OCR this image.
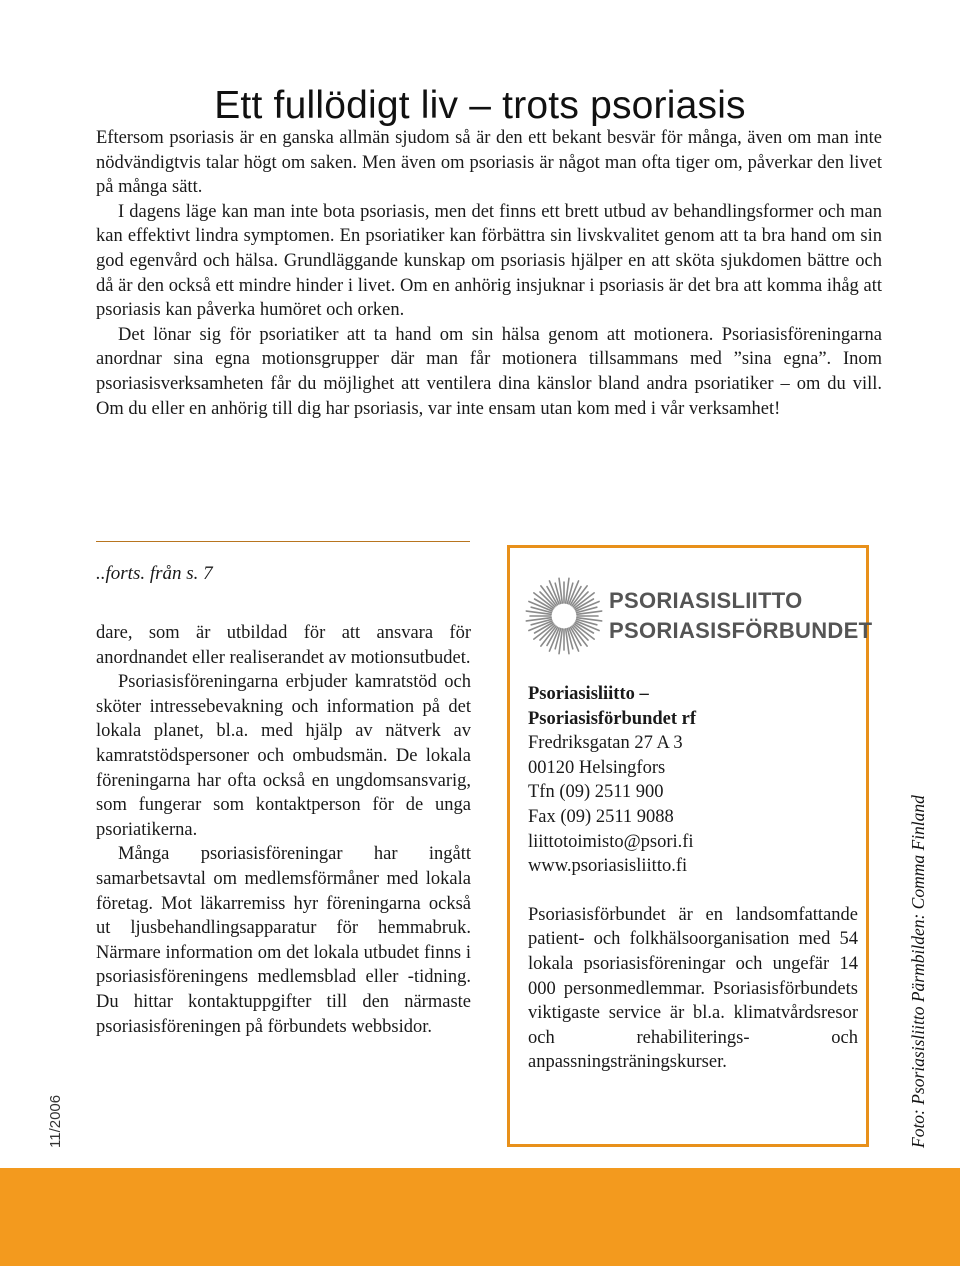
Ett fullödigt liv – trots psoriasis

Eftersom psoriasis är en ganska allmän sjudom så är den ett bekant besvär för många, även om man inte nödvändigtvis talar högt om saken. Men även om psoriasis är något man ofta tiger om, påverkar den livet på många sätt.

I dagens läge kan man inte bota psoriasis, men det finns ett brett utbud av behandlingsformer och man kan effektivt lindra symptomen. En psoriatiker kan förbättra sin livskvalitet genom att ta bra hand om sin god egenvård och hälsa. Grundläggande kunskap om psoriasis hjälper en att sköta sjukdomen bättre och då är den också ett mindre hinder i livet. Om en anhörig insjuknar i psoriasis är det bra att komma ihåg att psoriasis kan påverka humöret och orken.

Det lönar sig för psoriatiker att ta hand om sin hälsa genom att motionera. Psoriasisföreningarna anordnar sina egna motionsgrupper där man får motionera tillsammans med ”sina egna”. Inom psoriasisverksamheten får du möjlighet att ventilera dina känslor bland andra psoriatiker – om du vill. Om du eller en anhörig till dig har psoriasis, var inte ensam utan kom med i vår verksamhet!

..forts. från s. 7

dare, som är utbildad för att ansvara för anordnandet eller realiserandet av motionsutbudet.

Psoriasisföreningarna erbjuder kamratstöd och sköter intressebevakning och information på det lokala planet, bl.a. med hjälp av nätverk av kamratstödspersoner och ombudsmän. De lokala föreningarna har ofta också en ungdomsansvarig, som fungerar som kontaktperson för de unga psoriatikerna.

Många psoriasisföreningar har ingått samarbetsavtal om medlemsförmåner med lokala företag. Mot läkarremiss hyr föreningarna också ut ljusbehandlingsapparatur för hemmabruk. Närmare information om det lokala utbudet finns i psoriasisföreningens medlemsblad eller -tidning. Du hittar kontaktuppgifter till den närmaste psoriasisföreningen på förbundets webbsidor.

11/2006
PSORIASISLIITTO
PSORIASISFÖRBUNDET
Psoriasisliitto –
Psoriasisförbundet rf
Fredriksgatan 27 A 3
00120 Helsingfors
Tfn (09) 2511 900
Fax (09) 2511 9088
liittotoimisto@psori.fi
www.psoriasisliitto.fi
Psoriasisförbundet är en landsomfattande patient- och folkhälsoorganisation med 54 lokala psoriasisföreningar och ungefär 14 000 personmedlemmar. Psoriasisförbundets viktigaste service är bl.a. klimatvårdsresor och rehabiliterings- och anpassningsträningskurser.	Foto: Psoriasisliitto Pärmbilden: Comma Finland
